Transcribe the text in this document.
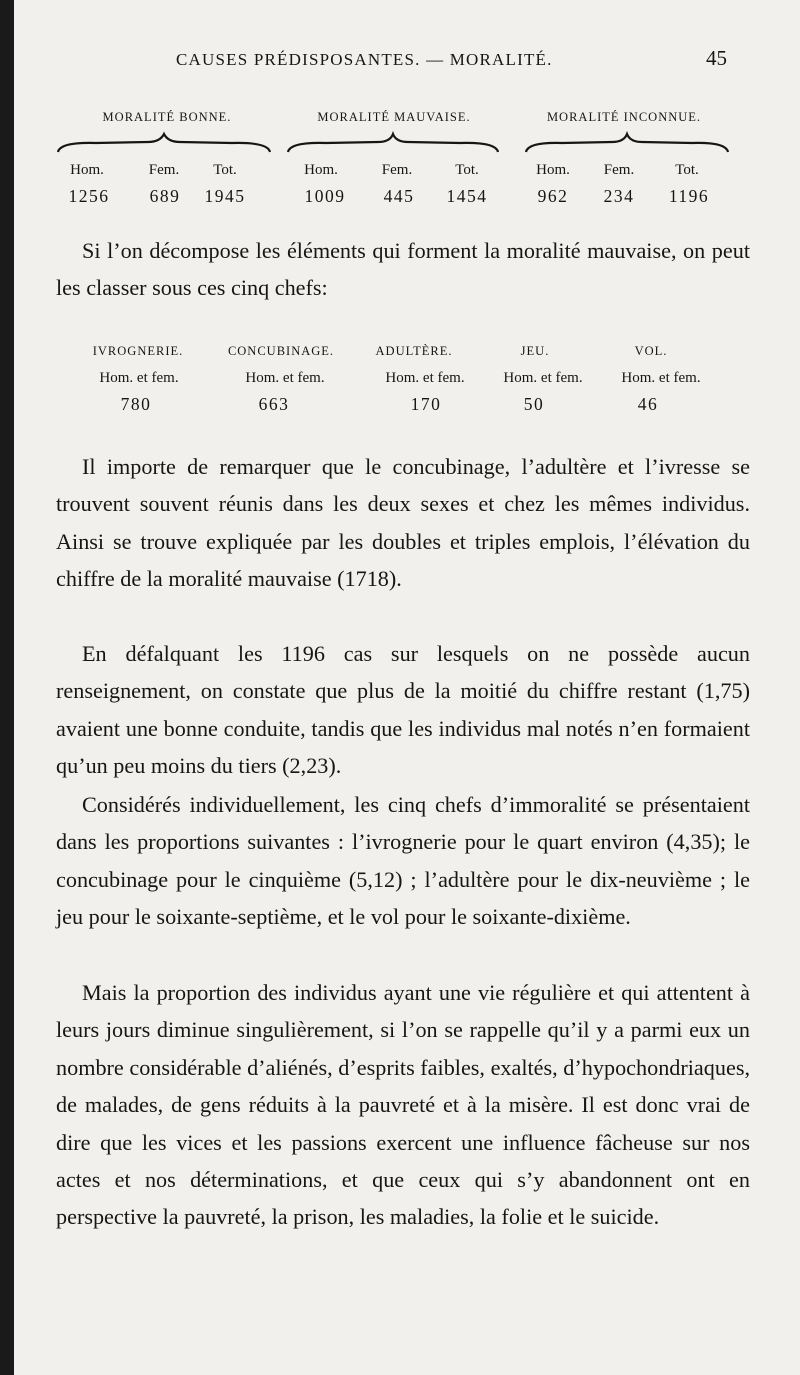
CAUSES PRÉDISPOSANTES. — MORALITÉ.	45
MORALITÉ BONNE.
Hom.	Fem.	Tot.
1256	689	1945
MORALITÉ MAUVAISE.
Hom.	Fem.	Tot.
1009	445	1454
MORALITÉ INCONNUE.
Hom.	Fem.	Tot.
962	234	1196

Si l’on décompose les éléments qui forment la moralité mauvaise, on peut les classer sous ces cinq chefs:

IVROGNERIE.	CONCUBINAGE.	ADULTÈRE.	JEU.	VOL.
Hom. et fem.	Hom. et fem.	Hom. et fem.	Hom. et fem.	Hom. et fem.
780	663	170	50	46

Il importe de remarquer que le concubinage, l’adultère et l’ivresse se trouvent souvent réunis dans les deux sexes et chez les mêmes individus. Ainsi se trouve expliquée par les doubles et triples emplois, l’élévation du chiffre de la moralité mauvaise (1718).

En défalquant les 1196 cas sur lesquels on ne possède aucun renseignement, on constate que plus de la moitié du chiffre restant (1,75) avaient une bonne conduite, tandis que les individus mal notés n’en formaient qu’un peu moins du tiers (2,23).

Considérés individuellement, les cinq chefs d’immoralité se présentaient dans les proportions suivantes : l’ivrognerie pour le quart environ (4,35); le concubinage pour le cinquième (5,12) ; l’adultère pour le dix-neuvième ; le jeu pour le soixante-septième, et le vol pour le soixante-dixième.

Mais la proportion des individus ayant une vie régulière et qui attentent à leurs jours diminue singulièrement, si l’on se rappelle qu’il y a parmi eux un nombre considérable d’aliénés, d’esprits faibles, exaltés, d’hypochondriaques, de malades, de gens réduits à la pauvreté et à la misère. Il est donc vrai de dire que les vices et les passions exercent une influence fâcheuse sur nos actes et nos déterminations, et que ceux qui s’y abandonnent ont en perspective la pauvreté, la prison, les maladies, la folie et le suicide.
